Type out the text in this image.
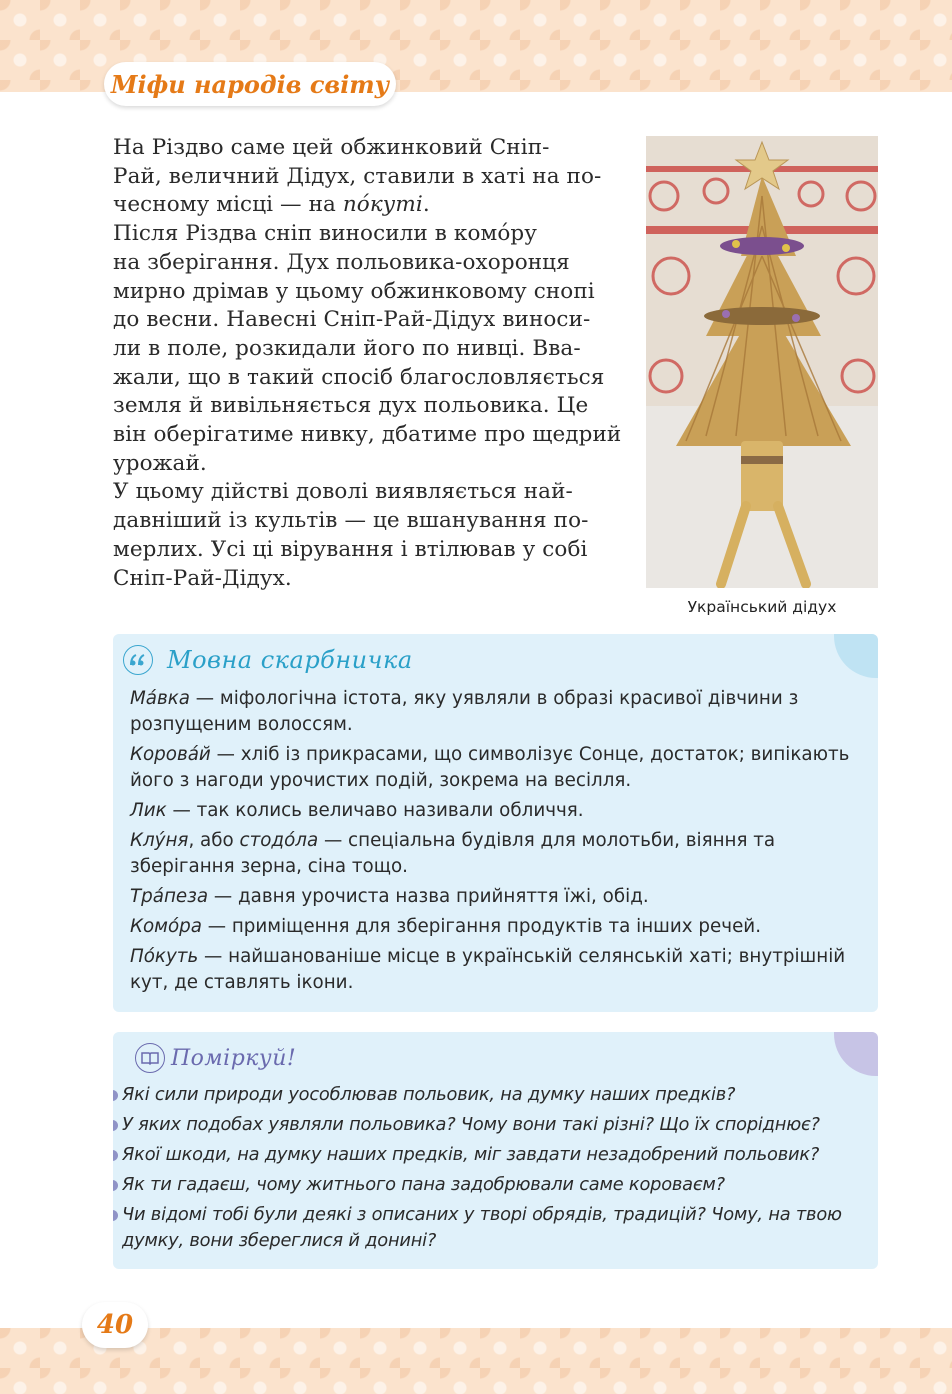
Міфи народів світу

На Різдво саме цей обжинковий Сніп-
Рай, величний Дідух, ставили в хаті на по-
чесному місці — на по́куті.

Після Різдва сніп виносили в комо́ру
на зберігання. Дух польовика-охоронця
мирно дрімав у цьому обжинковому снопі
до весни. Навесні Сніп-Рай-Дідух виноси-
ли в поле, розкидали його по нивці. Вва-
жали, що в такий спосіб благословляється
земля й вивільняється дух польовика. Це
він оберігатиме нивку, дбатиме про щедрий
урожай.

У цьому дійстві доволі виявляється най-
давніший із культів — це вшанування по-
мерлих. Усі ці вірування і втілював у собі
Сніп-Рай-Дідух.

Український дідух
Мовна скарбничка
Ма́вка — міфологічна істота, яку уявляли в образі красивої дівчини з розпущеним волоссям.
Корова́й — хліб із прикрасами, що символізує Сонце, достаток; випікають його з нагоди урочистих подій, зокрема на весілля.
Лик — так колись величаво називали обличчя.
Клу́ня, або стодо́ла — спеціальна будівля для молотьби, віяння та зберігання зерна, сіна тощо.
Тра́пеза — давня урочиста назва прийняття їжі, обід.
Комо́ра — приміщення для зберігання продуктів та інших речей.
По́куть — найшанованіше місце в українській селянській хаті; внутрішній кут, де ставлять ікони.
Поміркуй!
Які сили природи уособлював польовик, на думку наших предків?
У яких подобах уявляли польовика? Чому вони такі різні? Що їх споріднює?
Якої шкоди, на думку наших предків, міг завдати незадобрений польовик?
Як ти гадаєш, чому житнього пана задобрювали саме короваєм?
Чи відомі тобі були деякі з описаних у творі обрядів, традицій? Чому, на твою думку, вони збереглися й донині?
40
